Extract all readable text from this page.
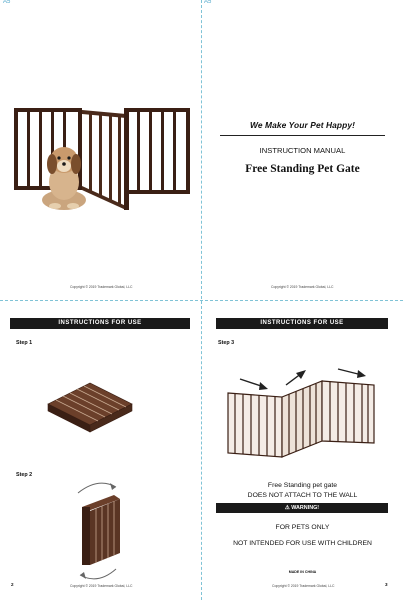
A5	A5
Copyright © 2019 Trademark Global, LLC
We Make Your Pet Happy!
INSTRUCTION MANUAL
Free Standing Pet Gate
Copyright © 2019 Trademark Global, LLC
INSTRUCTIONS FOR USE
Step 1
Step 2
2	Copyright © 2019 Trademark Global, LLC
INSTRUCTIONS FOR USE
Step 3
Free Standing pet gate
DOES NOT ATTACH TO THE WALL
⚠ WARNING!
FOR PETS ONLY
NOT INTENDED FOR USE WITH CHILDREN
MADE IN CHINA
Copyright © 2019 Trademark Global, LLC	3
